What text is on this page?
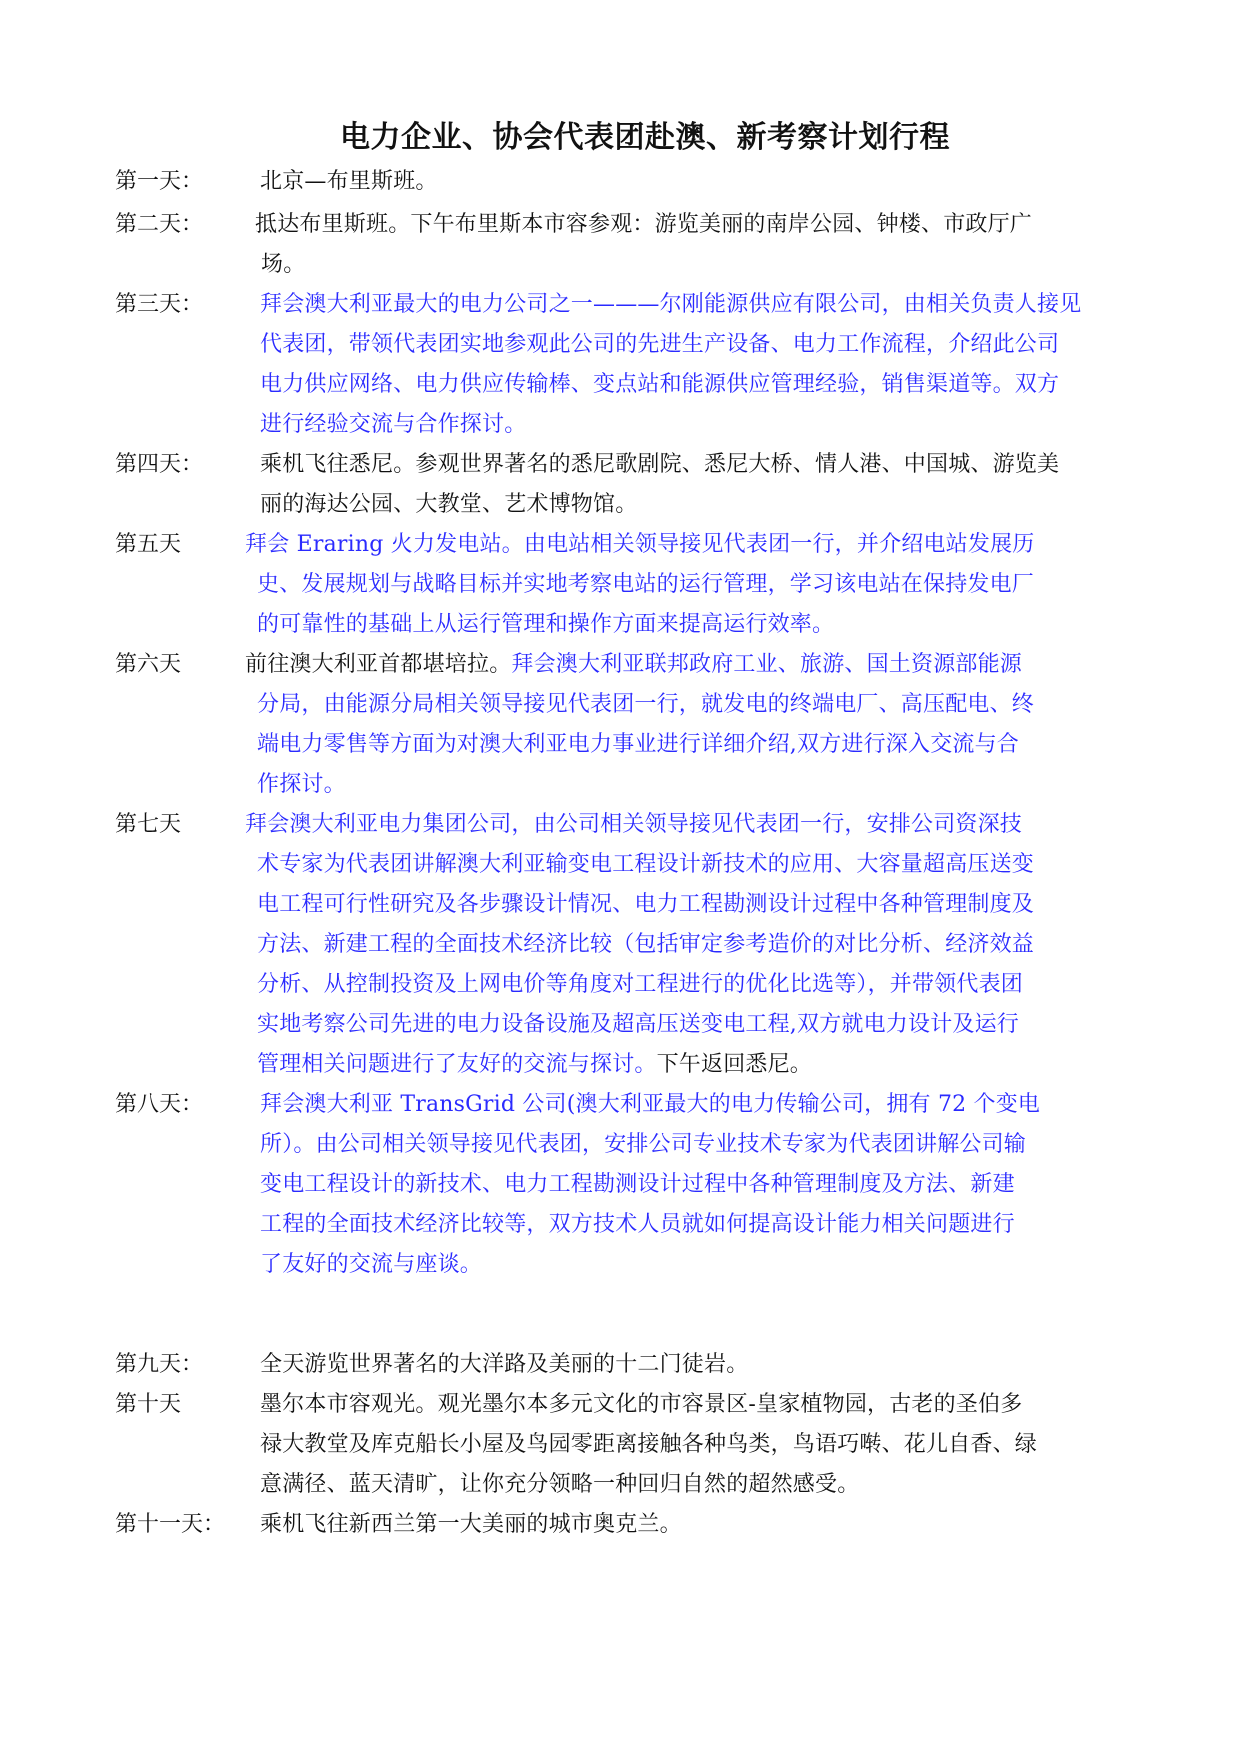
电力企业、协会代表团赴澳、新考察计划行程
第一天：	北京—布里斯班。
第二天： 抵达布里斯班。下午布里斯本市容参观：游览美丽的南岸公园、钟楼、市政厅广
场。
第三天：	拜会澳大利亚最大的电力公司之一———尔刚能源供应有限公司，由相关负责人接见
代表团，带领代表团实地参观此公司的先进生产设备、电力工作流程，介绍此公司
电力供应网络、电力供应传输棒、变点站和能源供应管理经验，销售渠道等。双方
进行经验交流与合作探讨。
第四天：	乘机飞往悉尼。参观世界著名的悉尼歌剧院、悉尼大桥、情人港、中国城、游览美
丽的海达公园、大教堂、艺术博物馆。
第五天	拜会 Eraring 火力发电站。由电站相关领导接见代表团一行，并介绍电站发展历
史、发展规划与战略目标并实地考察电站的运行管理，学习该电站在保持发电厂
的可靠性的基础上从运行管理和操作方面来提高运行效率。
第六天	前往澳大利亚首都堪培拉。拜会澳大利亚联邦政府工业、旅游、国土资源部能源
分局，由能源分局相关领导接见代表团一行，就发电的终端电厂、高压配电、终
端电力零售等方面为对澳大利亚电力事业进行详细介绍,双方进行深入交流与合
作探讨。
第七天	拜会澳大利亚电力集团公司，由公司相关领导接见代表团一行，安排公司资深技
术专家为代表团讲解澳大利亚输变电工程设计新技术的应用、大容量超高压送变
电工程可行性研究及各步骤设计情况、电力工程勘测设计过程中各种管理制度及
方法、新建工程的全面技术经济比较（包括审定参考造价的对比分析、经济效益
分析、从控制投资及上网电价等角度对工程进行的优化比选等），并带领代表团
实地考察公司先进的电力设备设施及超高压送变电工程,双方就电力设计及运行
管理相关问题进行了友好的交流与探讨。下午返回悉尼。
第八天：	拜会澳大利亚 TransGrid 公司(澳大利亚最大的电力传输公司，拥有 72 个变电
所）。由公司相关领导接见代表团，安排公司专业技术专家为代表团讲解公司输
变电工程设计的新技术、电力工程勘测设计过程中各种管理制度及方法、新建
工程的全面技术经济比较等，双方技术人员就如何提高设计能力相关问题进行
了友好的交流与座谈。
第九天：	全天游览世界著名的大洋路及美丽的十二门徒岩。
第十天	墨尔本市容观光。观光墨尔本多元文化的市容景区-皇家植物园，古老的圣伯多
禄大教堂及库克船长小屋及鸟园零距离接触各种鸟类，鸟语巧啭、花儿自香、绿
意满径、蓝天清旷，让你充分领略一种回归自然的超然感受。
第十一天： 乘机飞往新西兰第一大美丽的城市奥克兰。
